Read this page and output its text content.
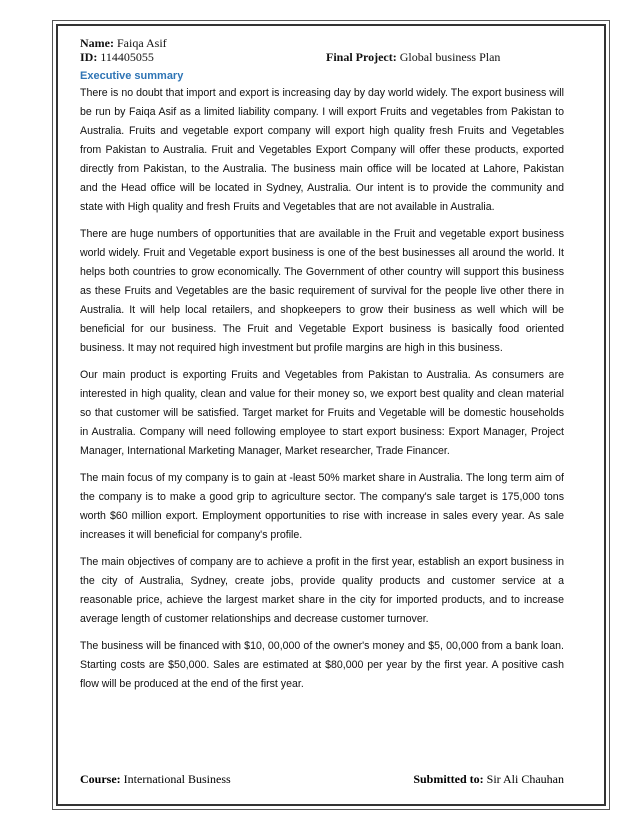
Name: Faiqa Asif
ID: 114405055	Final Project: Global business Plan
Executive summary

There is no doubt that import and export is increasing day by day world widely. The export business will be run by Faiqa Asif as a limited liability company. I will export Fruits and vegetables from Pakistan to Australia. Fruits and vegetable export company will export high quality fresh Fruits and Vegetables from Pakistan to Australia. Fruit and Vegetables Export Company will offer these products, exported directly from Pakistan, to the Australia. The business main office will be located at Lahore, Pakistan and the Head office will be located in Sydney, Australia. Our intent is to provide the community and state with High quality and fresh Fruits and Vegetables that are not available in Australia.

There are huge numbers of opportunities that are available in the Fruit and vegetable export business world widely. Fruit and Vegetable export business is one of the best businesses all around the world. It helps both countries to grow economically. The Government of other country will support this business as these Fruits and Vegetables are the basic requirement of survival for the people live other there in Australia. It will help local retailers, and shopkeepers to grow their business as well which will be beneficial for our business. The Fruit and Vegetable Export business is basically food oriented business. It may not required high investment but profile margins are high in this business.

Our main product is exporting Fruits and Vegetables from Pakistan to Australia. As consumers are interested in high quality, clean and value for their money so, we export best quality and clean material so that customer will be satisfied. Target market for Fruits and Vegetable will be domestic households in Australia. Company will need following employee to start export business: Export Manager, Project Manager, International Marketing Manager, Market researcher, Trade Financer.

The main focus of my company is to gain at -least 50% market share in Australia. The long term aim of the company is to make a good grip to agriculture sector. The company's sale target is 175,000 tons worth $60 million export. Employment opportunities to rise with increase in sales every year. As sale increases it will beneficial for company's profile.

The main objectives of company are to achieve a profit in the first year, establish an export business in the city of Australia, Sydney, create jobs, provide quality products and customer service at a reasonable price, achieve the largest market share in the city for imported products, and to increase average length of customer relationships and decrease customer turnover.

The business will be financed with $10, 00,000 of the owner's money and $5, 00,000 from a bank loan. Starting costs are $50,000. Sales are estimated at $80,000 per year by the first year. A positive cash flow will be produced at the end of the first year.

Course: International Business	Submitted to: Sir Ali Chauhan
